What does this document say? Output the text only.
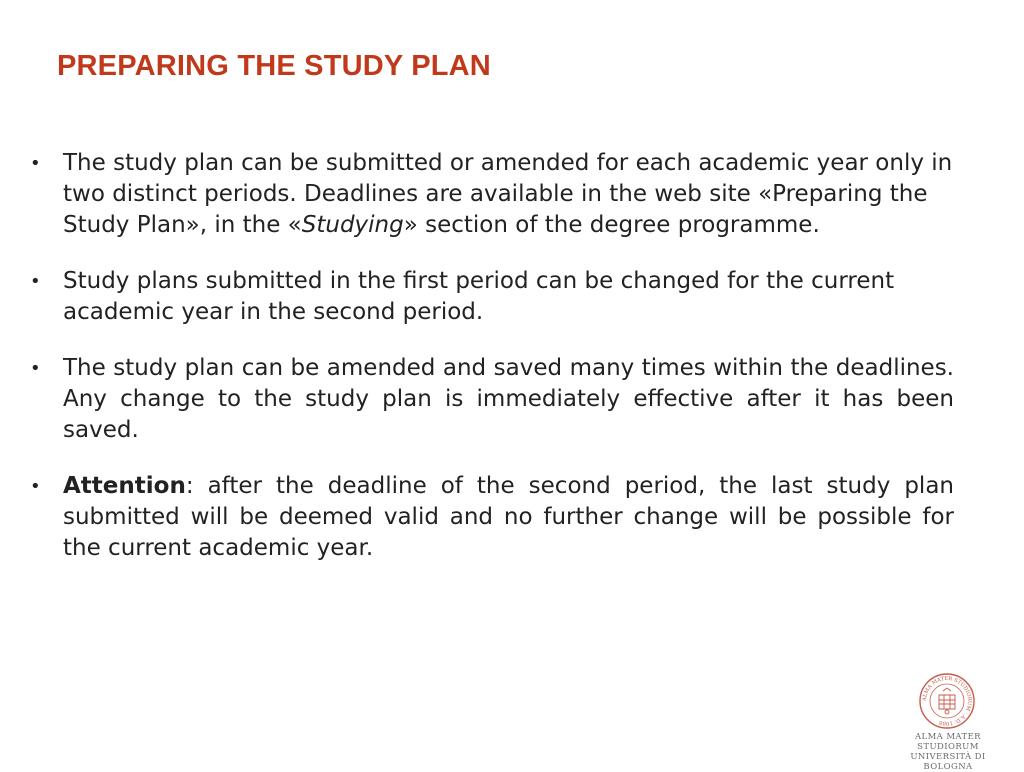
PREPARING THE STUDY PLAN
• The study plan can be submitted or amended for each academic year only in two distinct periods. Deadlines are available in the web site «Preparing the Study Plan», in the «Studying» section of the degree programme.
• Study plans submitted in the first period can be changed for the current academic year in the second period.
• The study plan can be amended and saved many times within the deadlines. Any change to the study plan is immediately effective after it has been saved.
• Attention: after the deadline of the second period, the last study plan submitted will be deemed valid and no further change will be possible for the current academic year.
ALMA MATER STUDIORUM · A.D. 1088
ALMA MATER STUDIORUM
UNIVERSITÀ DI BOLOGNA
